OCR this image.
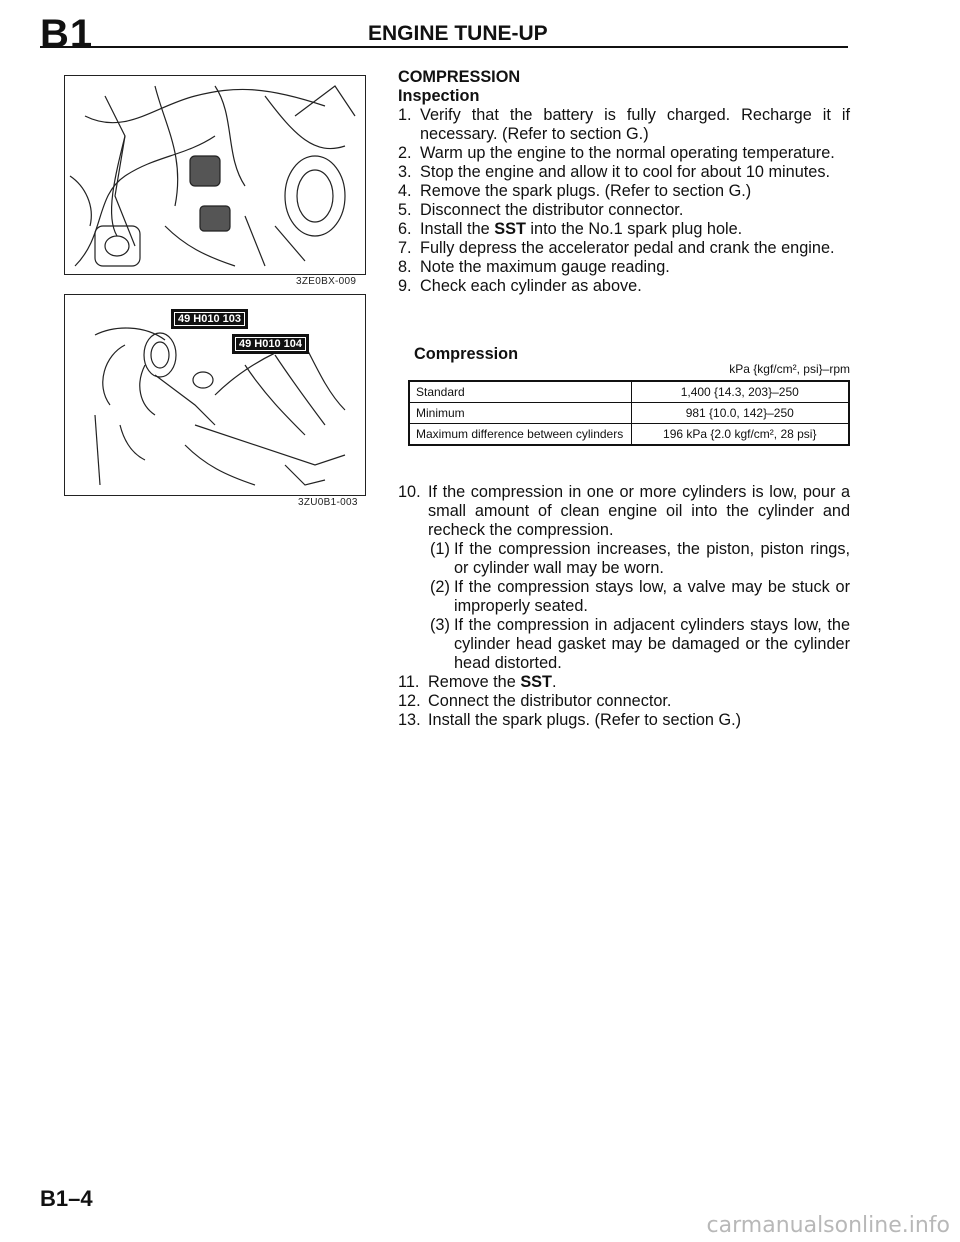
B1	ENGINE TUNE-UP
3ZE0BX-009
49 H010 103
49 H010 104
3ZU0B1-003
COMPRESSION
Inspection
1. Verify that the battery is fully charged. Recharge it if necessary. (Refer to section G.)
2. Warm up the engine to the normal operating temperature.
3. Stop the engine and allow it to cool for about 10 minutes.
4. Remove the spark plugs. (Refer to section G.)
5. Disconnect the distributor connector.
6. Install the SST into the No.1 spark plug hole.
7. Fully depress the accelerator pedal and crank the engine.
8. Note the maximum gauge reading.
9. Check each cylinder as above.
Compression
kPa {kgf/cm², psi}–rpm
Standard	1,400 {14.3, 203}–250
Minimum	981 {10.0, 142}–250
Maximum difference between cylinders	196 kPa {2.0 kgf/cm², 28 psi}
10. If the compression in one or more cylinders is low, pour a small amount of clean engine oil into the cylinder and recheck the compression.
(1) If the compression increases, the piston, piston rings, or cylinder wall may be worn.
(2) If the compression stays low, a valve may be stuck or improperly seated.
(3) If the compression in adjacent cylinders stays low, the cylinder head gasket may be damaged or the cylinder head distorted.
11. Remove the SST.
12. Connect the distributor connector.
13. Install the spark plugs. (Refer to section G.)
B1–4
carmanualsonline.info
